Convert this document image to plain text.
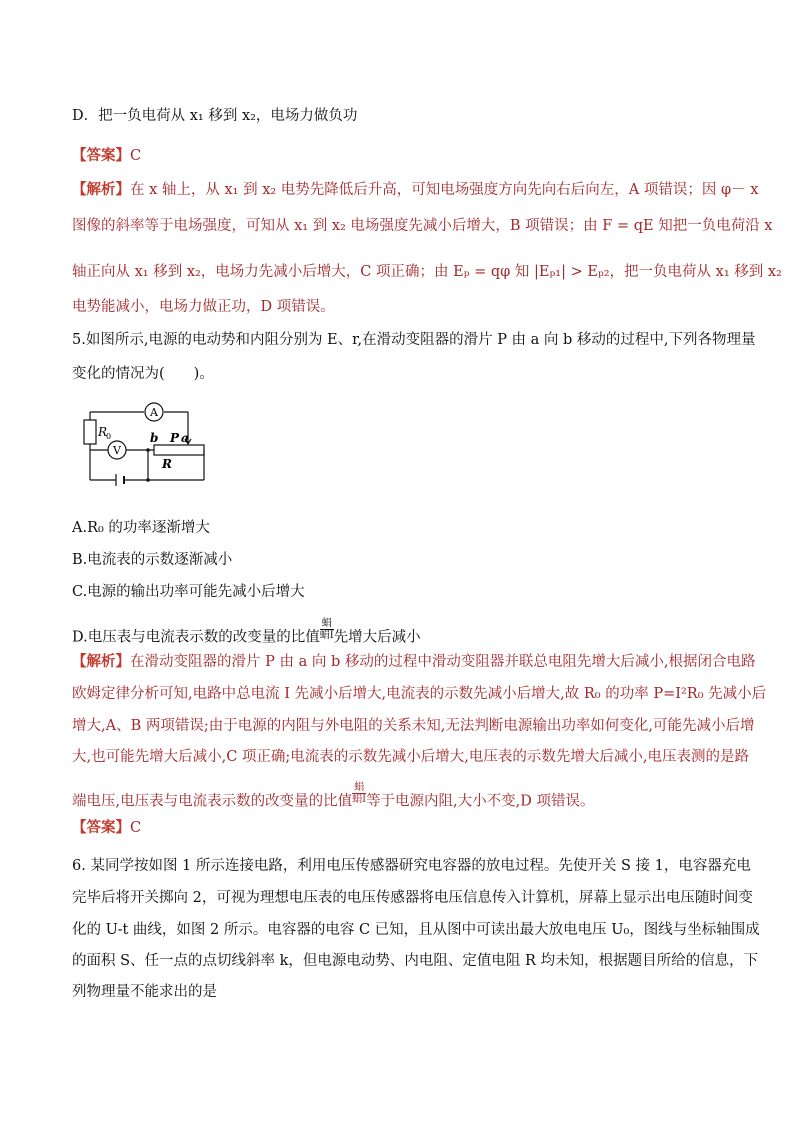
D．把一负电荷从 x₁ 移到 x₂，电场力做负功
【答案】C
【解析】在 x 轴上，从 x₁ 到 x₂ 电势先降低后升高，可知电场强度方向先向右后向左，A 项错误；因 φ－ x
图像的斜率等于电场强度，可知从 x₁ 到 x₂ 电场强度先减小后增大，B 项错误；由 F = qE 知把一负电荷沿 x
轴正向从 x₁ 移到 x₂，电场力先减小后增大，C 项正确；由 Eₚ = qφ 知 |Eₚ₁| > Eₚ₂，把一负电荷从 x₁ 移到 x₂
电势能减小，电场力做正功，D 项错误。
5.如图所示,电源的电动势和内阻分别为 E、r,在滑动变阻器的滑片 P 由 a 向 b 移动的过程中,下列各物理量
变化的情况为(　　)。
A
V
R
0	b P a
R
A.R₀ 的功率逐渐增大
B.电流表的示数逐渐减小
C.电源的输出功率可能先减小后增大
D.电压表与电流表示数的改变量的比值
蜎
蜎I 先增大后减小
【解析】在滑动变阻器的滑片 P 由 a 向 b 移动的过程中滑动变阻器并联总电阻先增大后减小,根据闭合电路
欧姆定律分析可知,电路中总电流 I 先减小后增大,电流表的示数先减小后增大,故 R₀ 的功率 P=I²R₀ 先减小后
增大,A、B 两项错误;由于电源的内阻与外电阻的关系未知,无法判断电源输出功率如何变化,可能先减小后增
大,也可能先增大后减小,C 项正确;电流表的示数先减小后增大,电压表的示数先增大后减小,电压表测的是路
端电压,电压表与电流表示数的改变量的比值
蜎
蜎I 等于电源内阻,大小不变,D 项错误。
【答案】C
6. 某同学按如图 1 所示连接电路，利用电压传感器研究电容器的放电过程。先使开关 S 接 1，电容器充电
完毕后将开关掷向 2，可视为理想电压表的电压传感器将电压信息传入计算机，屏幕上显示出电压随时间变
化的 U-t 曲线，如图 2 所示。电容器的电容 C 已知，且从图中可读出最大放电电压 U₀，图线与坐标轴围成
的面积 S、任一点的点切线斜率 k，但电源电动势、内电阻、定值电阻 R 均未知，根据题目所给的信息，下
列物理量不能求出的是
